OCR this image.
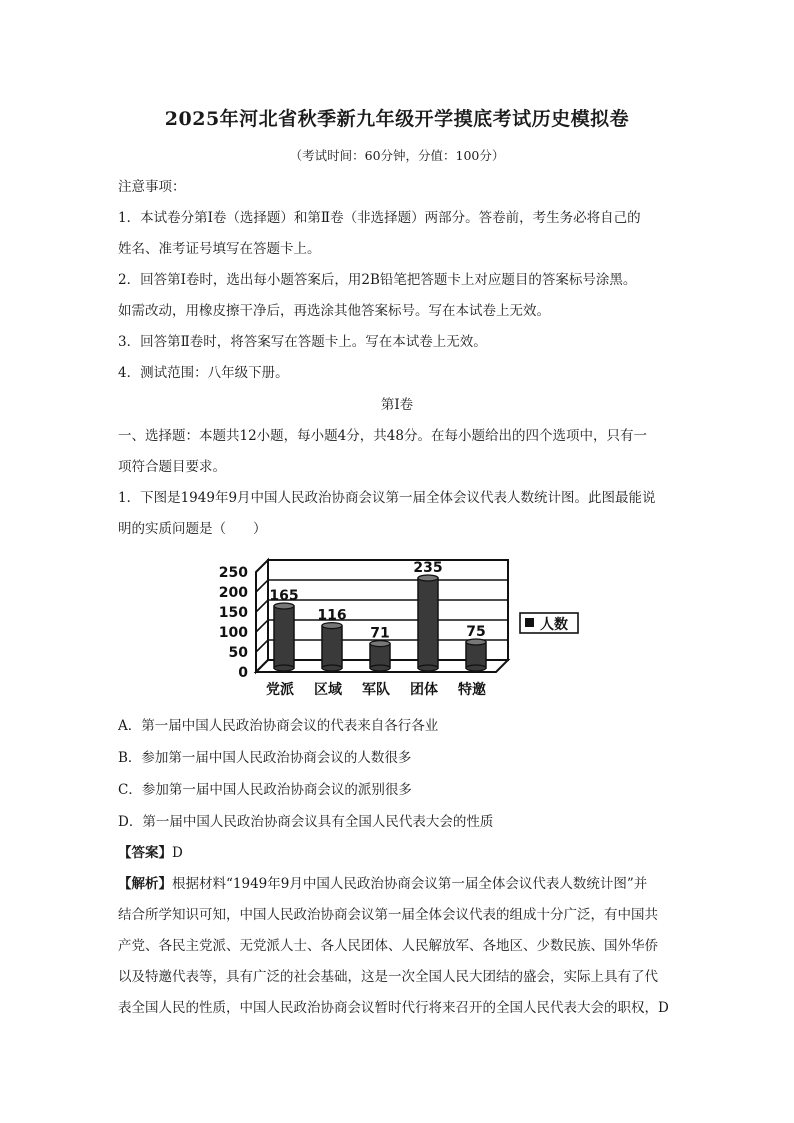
2025年河北省秋季新九年级开学摸底考试历史模拟卷
（考试时间：60分钟，分值：100分）
注意事项：
1．本试卷分第Ⅰ卷（选择题）和第Ⅱ卷（非选择题）两部分。答卷前，考生务必将自己的
姓名、准考证号填写在答题卡上。
2．回答第Ⅰ卷时，选出每小题答案后，用2B铅笔把答题卡上对应题目的答案标号涂黑。
如需改动，用橡皮擦干净后，再选涂其他答案标号。写在本试卷上无效。
3．回答第Ⅱ卷时，将答案写在答题卡上。写在本试卷上无效。
4．测试范围：八年级下册。
第Ⅰ卷
一、选择题：本题共12小题，每小题4分，共48分。在每小题给出的四个选项中，只有一
项符合题目要求。
1．下图是1949年9月中国人民政治协商会议第一届全体会议代表人数统计图。此图最能说
明的实质问题是（　　）
250
200
150
100
50
0
165
党派
116
区域
71
军队
235
团体
75
特邀
人数
A．第一届中国人民政治协商会议的代表来自各行各业
B．参加第一届中国人民政治协商会议的人数很多
C．参加第一届中国人民政治协商会议的派别很多
D．第一届中国人民政治协商会议具有全国人民代表大会的性质
【答案】D
【解析】根据材料“1949年9月中国人民政治协商会议第一届全体会议代表人数统计图”并
结合所学知识可知，中国人民政治协商会议第一届全体会议代表的组成十分广泛，有中国共
产党、各民主党派、无党派人士、各人民团体、人民解放军、各地区、少数民族、国外华侨
以及特邀代表等，具有广泛的社会基础，这是一次全国人民大团结的盛会，实际上具有了代
表全国人民的性质，中国人民政治协商会议暂时代行将来召开的全国人民代表大会的职权，D
